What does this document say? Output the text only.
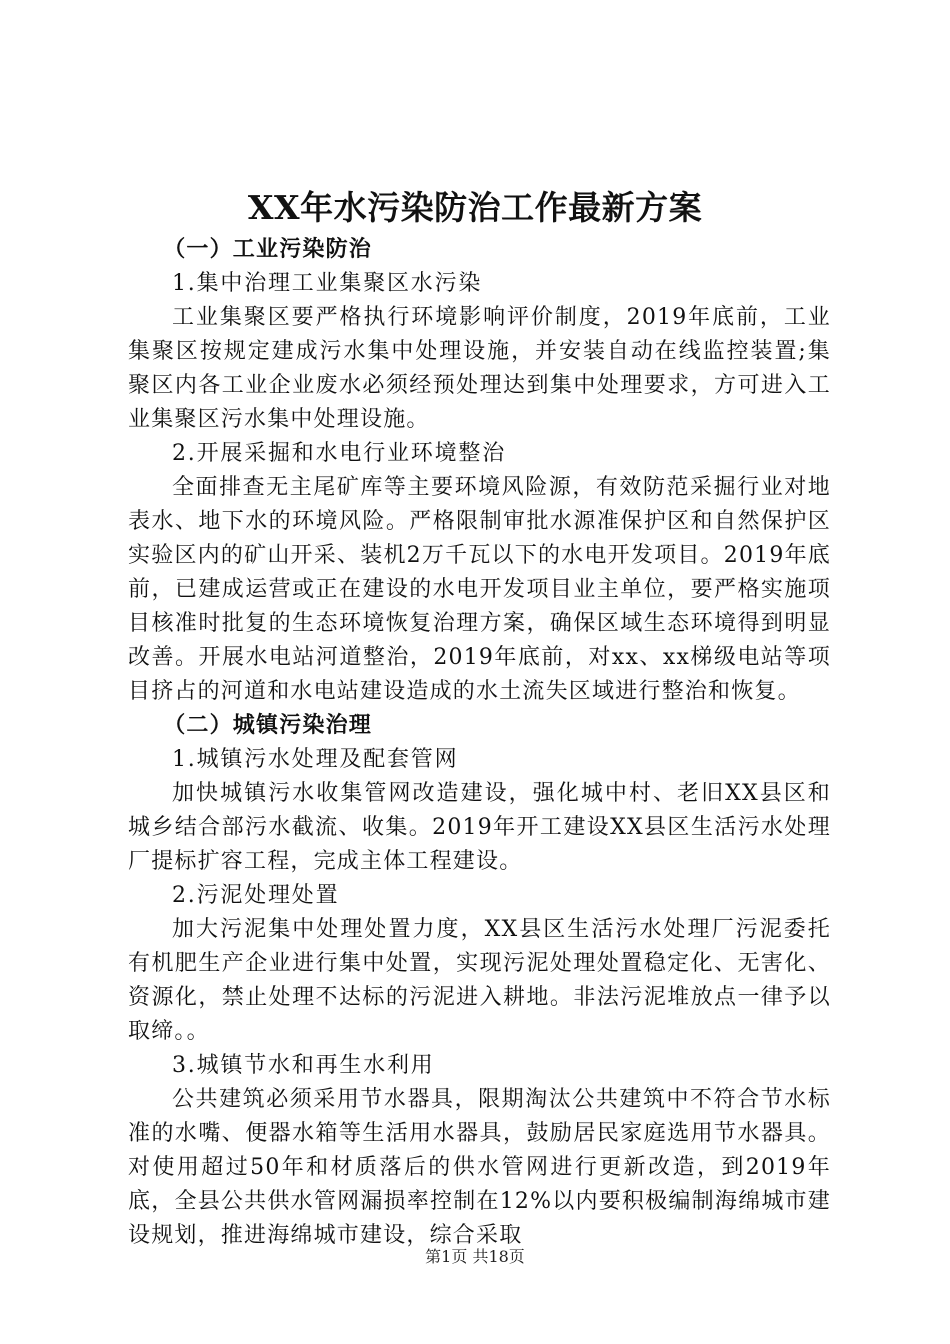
XX年水污染防治工作最新方案

（一）工业污染防治

1.集中治理工业集聚区水污染

工业集聚区要严格执行环境影响评价制度，2019年底前，工业集聚区按规定建成污水集中处理设施，并安装自动在线监控装置;集聚区内各工业企业废水必须经预处理达到集中处理要求，方可进入工业集聚区污水集中处理设施。

2.开展采掘和水电行业环境整治

全面排查无主尾矿库等主要环境风险源，有效防范采掘行业对地表水、地下水的环境风险。严格限制审批水源准保护区和自然保护区实验区内的矿山开采、装机2万千瓦以下的水电开发项目。2019年底前，已建成运营或正在建设的水电开发项目业主单位，要严格实施项目核准时批复的生态环境恢复治理方案，确保区域生态环境得到明显改善。开展水电站河道整治，2019年底前，对xx、xx梯级电站等项目挤占的河道和水电站建设造成的水土流失区域进行整治和恢复。

（二）城镇污染治理

1.城镇污水处理及配套管网

加快城镇污水收集管网改造建设，强化城中村、老旧XX县区和城乡结合部污水截流、收集。2019年开工建设XX县区生活污水处理厂提标扩容工程，完成主体工程建设。

2.污泥处理处置

加大污泥集中处理处置力度，XX县区生活污水处理厂污泥委托有机肥生产企业进行集中处置，实现污泥处理处置稳定化、无害化、资源化，禁止处理不达标的污泥进入耕地。非法污泥堆放点一律予以取缔。。

3.城镇节水和再生水利用

公共建筑必须采用节水器具，限期淘汰公共建筑中不符合节水标准的水嘴、便器水箱等生活用水器具，鼓励居民家庭选用节水器具。对使用超过50年和材质落后的供水管网进行更新改造，到2019年底，全县公共供水管网漏损率控制在12%以内要积极编制海绵城市建设规划，推进海绵城市建设，综合采取

第1页 共18页
